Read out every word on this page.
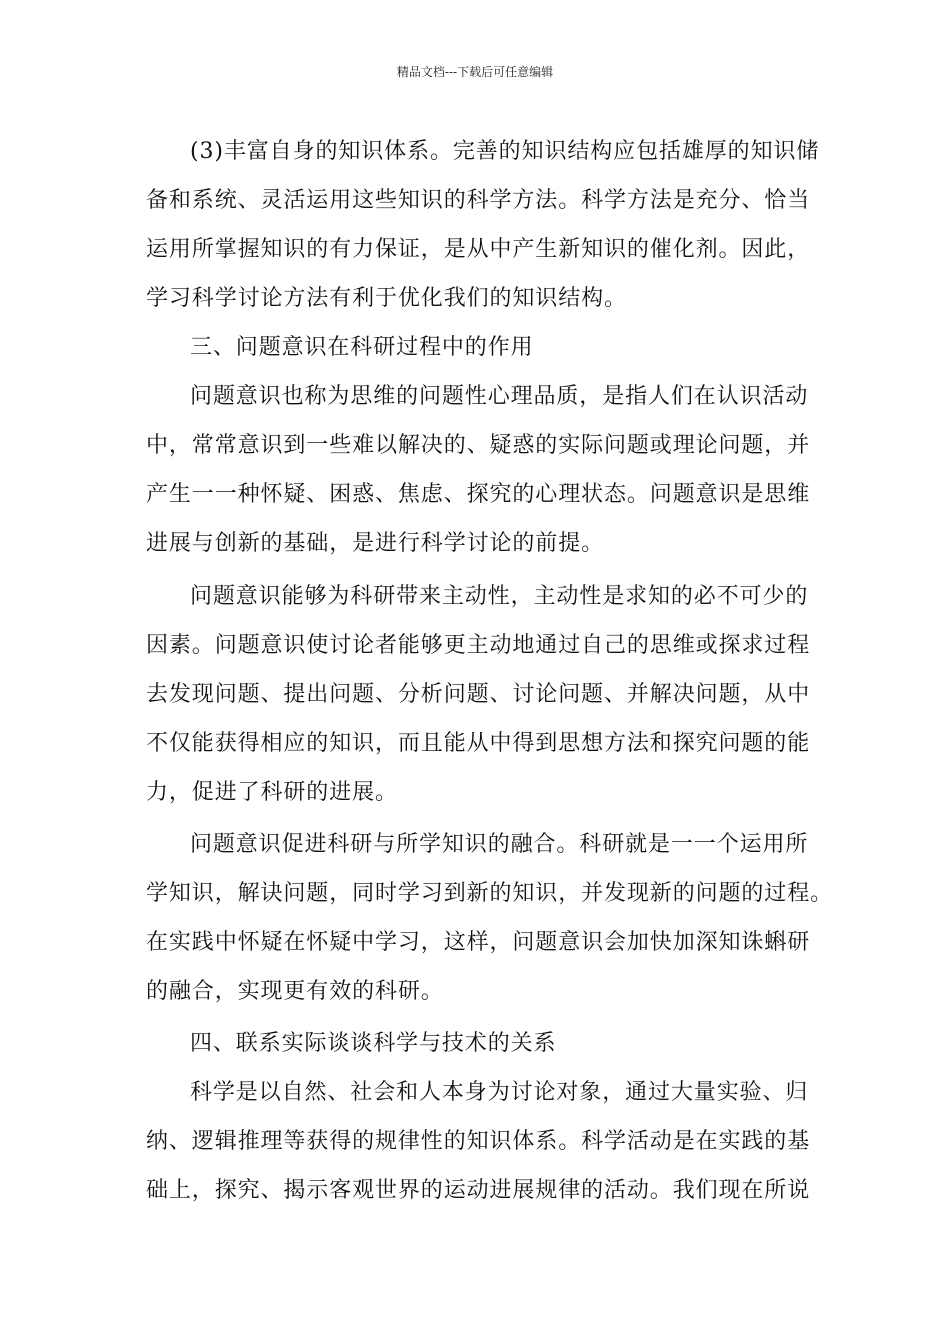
精品文档---下载后可任意编辑
(3)丰富自身的知识体系。完善的知识结构应包括雄厚的知识储
备和系统、灵活运用这些知识的科学方法。科学方法是充分、恰当
运用所掌握知识的有力保证，是从中产生新知识的催化剂。因此，
学习科学讨论方法有利于优化我们的知识结构。
三、问题意识在科研过程中的作用
问题意识也称为思维的问题性心理品质，是指人们在认识活动
中，常常意识到一些难以解决的、疑惑的实际问题或理论问题，并
产生一一种怀疑、困惑、焦虑、探究的心理状态。问题意识是思维
进展与创新的基础，是进行科学讨论的前提。
问题意识能够为科研带来主动性，主动性是求知的必不可少的
因素。问题意识使讨论者能够更主动地通过自己的思维或探求过程
去发现问题、提出问题、分析问题、讨论问题、并解决问题，从中
不仅能获得相应的知识，而且能从中得到思想方法和探究问题的能
力，促进了科研的进展。
问题意识促进科研与所学知识的融合。科研就是一一个运用所
学知识，解诀问题，同时学习到新的知识，并发现新的问题的过程。
在实践中怀疑在怀疑中学习，这样，问题意识会加快加深知诛蝌研
的融合，实现更有效的科研。
四、联系实际谈谈科学与技术的关系
科学是以自然、社会和人本身为讨论对象，通过大量实验、归
纳、逻辑推理等获得的规律性的知识体系。科学活动是在实践的基
础上，探究、揭示客观世界的运动进展规律的活动。我们现在所说
